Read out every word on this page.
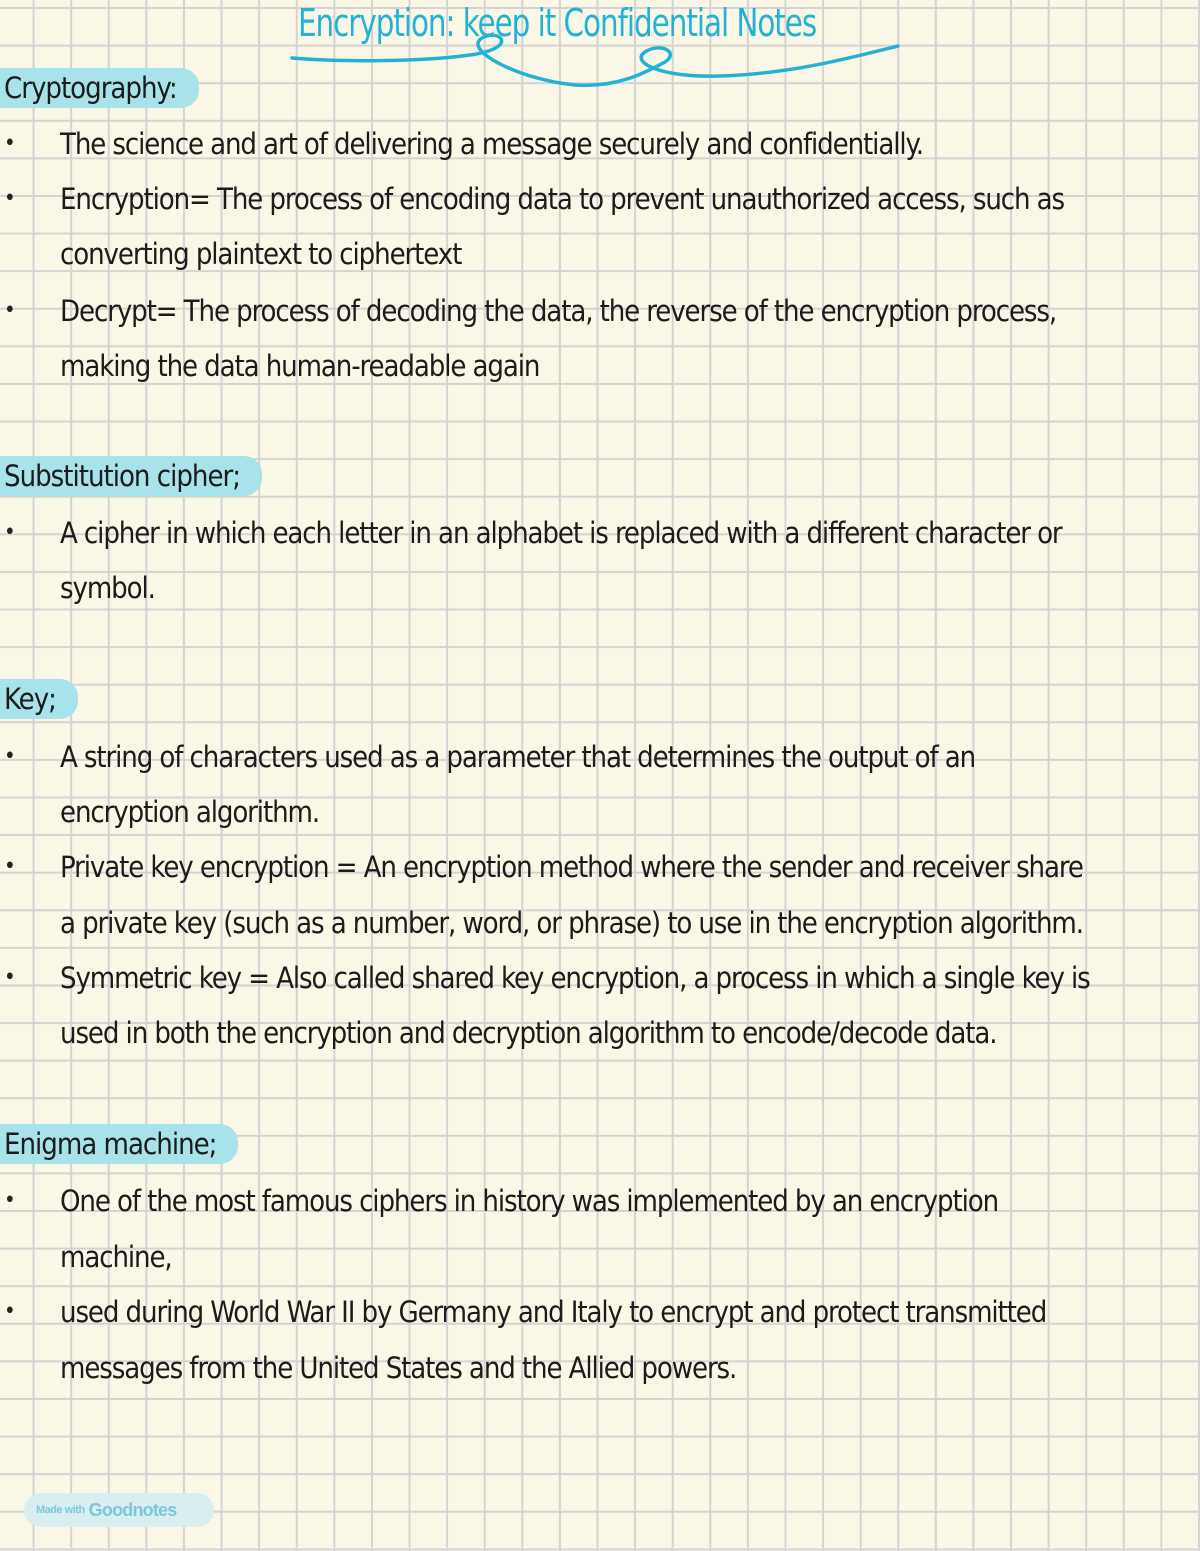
Encryption: keep it Confidential Notes
Cryptography:
• The science and art of delivering a message securely and confidentially.
• Encryption= The process of encoding data to prevent unauthorized access, such as
converting plaintext to ciphertext
• Decrypt= The process of decoding the data, the reverse of the encryption process,
making the data human-readable again
Substitution cipher;
• A cipher in which each letter in an alphabet is replaced with a different character or
symbol.
Key;
• A string of characters used as a parameter that determines the output of an
encryption algorithm.
• Private key encryption = An encryption method where the sender and receiver share
a private key (such as a number, word, or phrase) to use in the encryption algorithm.
• Symmetric key = Also called shared key encryption, a process in which a single key is
used in both the encryption and decryption algorithm to encode/decode data.
Enigma machine;
• One of the most famous ciphers in history was implemented by an encryption
machine,
• used during World War II by Germany and Italy to encrypt and protect transmitted
messages from the United States and the Allied powers.
Made with Goodnotes
